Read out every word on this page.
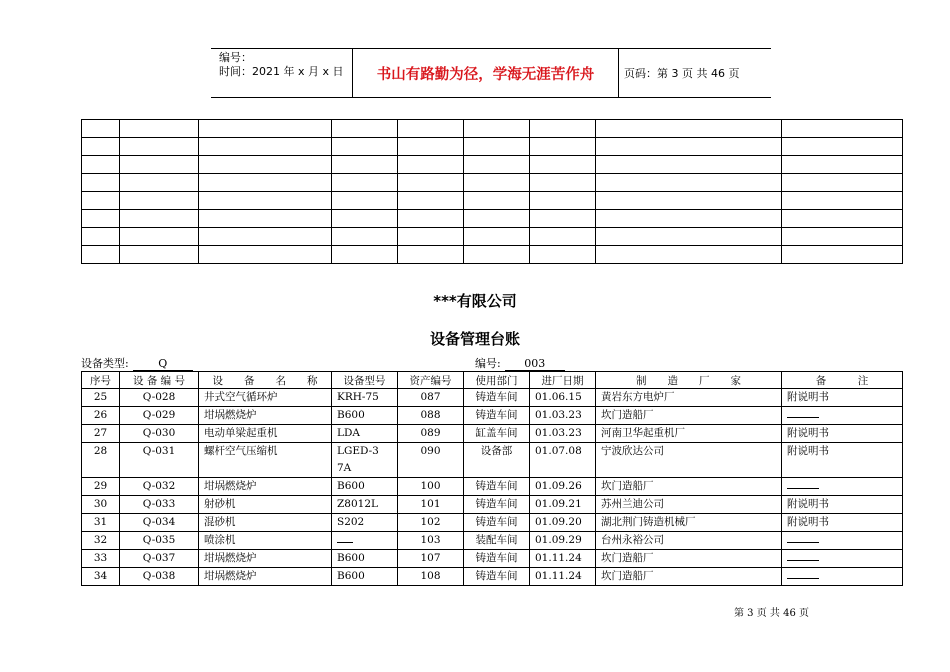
编号：
时间：2021 年 x 月 x 日	书山有路勤为径，学海无涯苦作舟	页码：第 3 页 共 46 页

***有限公司
设备管理台账
设备类型:	Q	编号: 003
序号	设 备 编 号	设　　备　　名　　称	设备型号	资产编号	使用部门	进厂日期	制　　造　　厂　　家	备　　　注
25	Q-028	井式空气循环炉	KRH-75	087	铸造车间	01.06.15	黄岩东方电炉厂	附说明书
26	Q-029	坩埚燃烧炉	B600	088	铸造车间	01.03.23	坎门造船厂	
27	Q-030	电动单梁起重机	LDA	089	缸盖车间	01.03.23	河南卫华起重机厂	附说明书
28	Q-031	螺杆空气压缩机	LGED-37A	090	设备部	01.07.08	宁波欣达公司	附说明书
29	Q-032	坩埚燃烧炉	B600	100	铸造车间	01.09.26	坎门造船厂	
30	Q-033	射砂机	Z8012L	101	铸造车间	01.09.21	苏州兰迪公司	附说明书
31	Q-034	混砂机	S202	102	铸造车间	01.09.20	湖北荆门铸造机械厂	附说明书
32	Q-035	喷涂机		103	装配车间	01.09.29	台州永裕公司	
33	Q-037	坩埚燃烧炉	B600	107	铸造车间	01.11.24	坎门造船厂	
34	Q-038	坩埚燃烧炉	B600	108	铸造车间	01.11.24	坎门造船厂	
第 3 页 共 46 页
